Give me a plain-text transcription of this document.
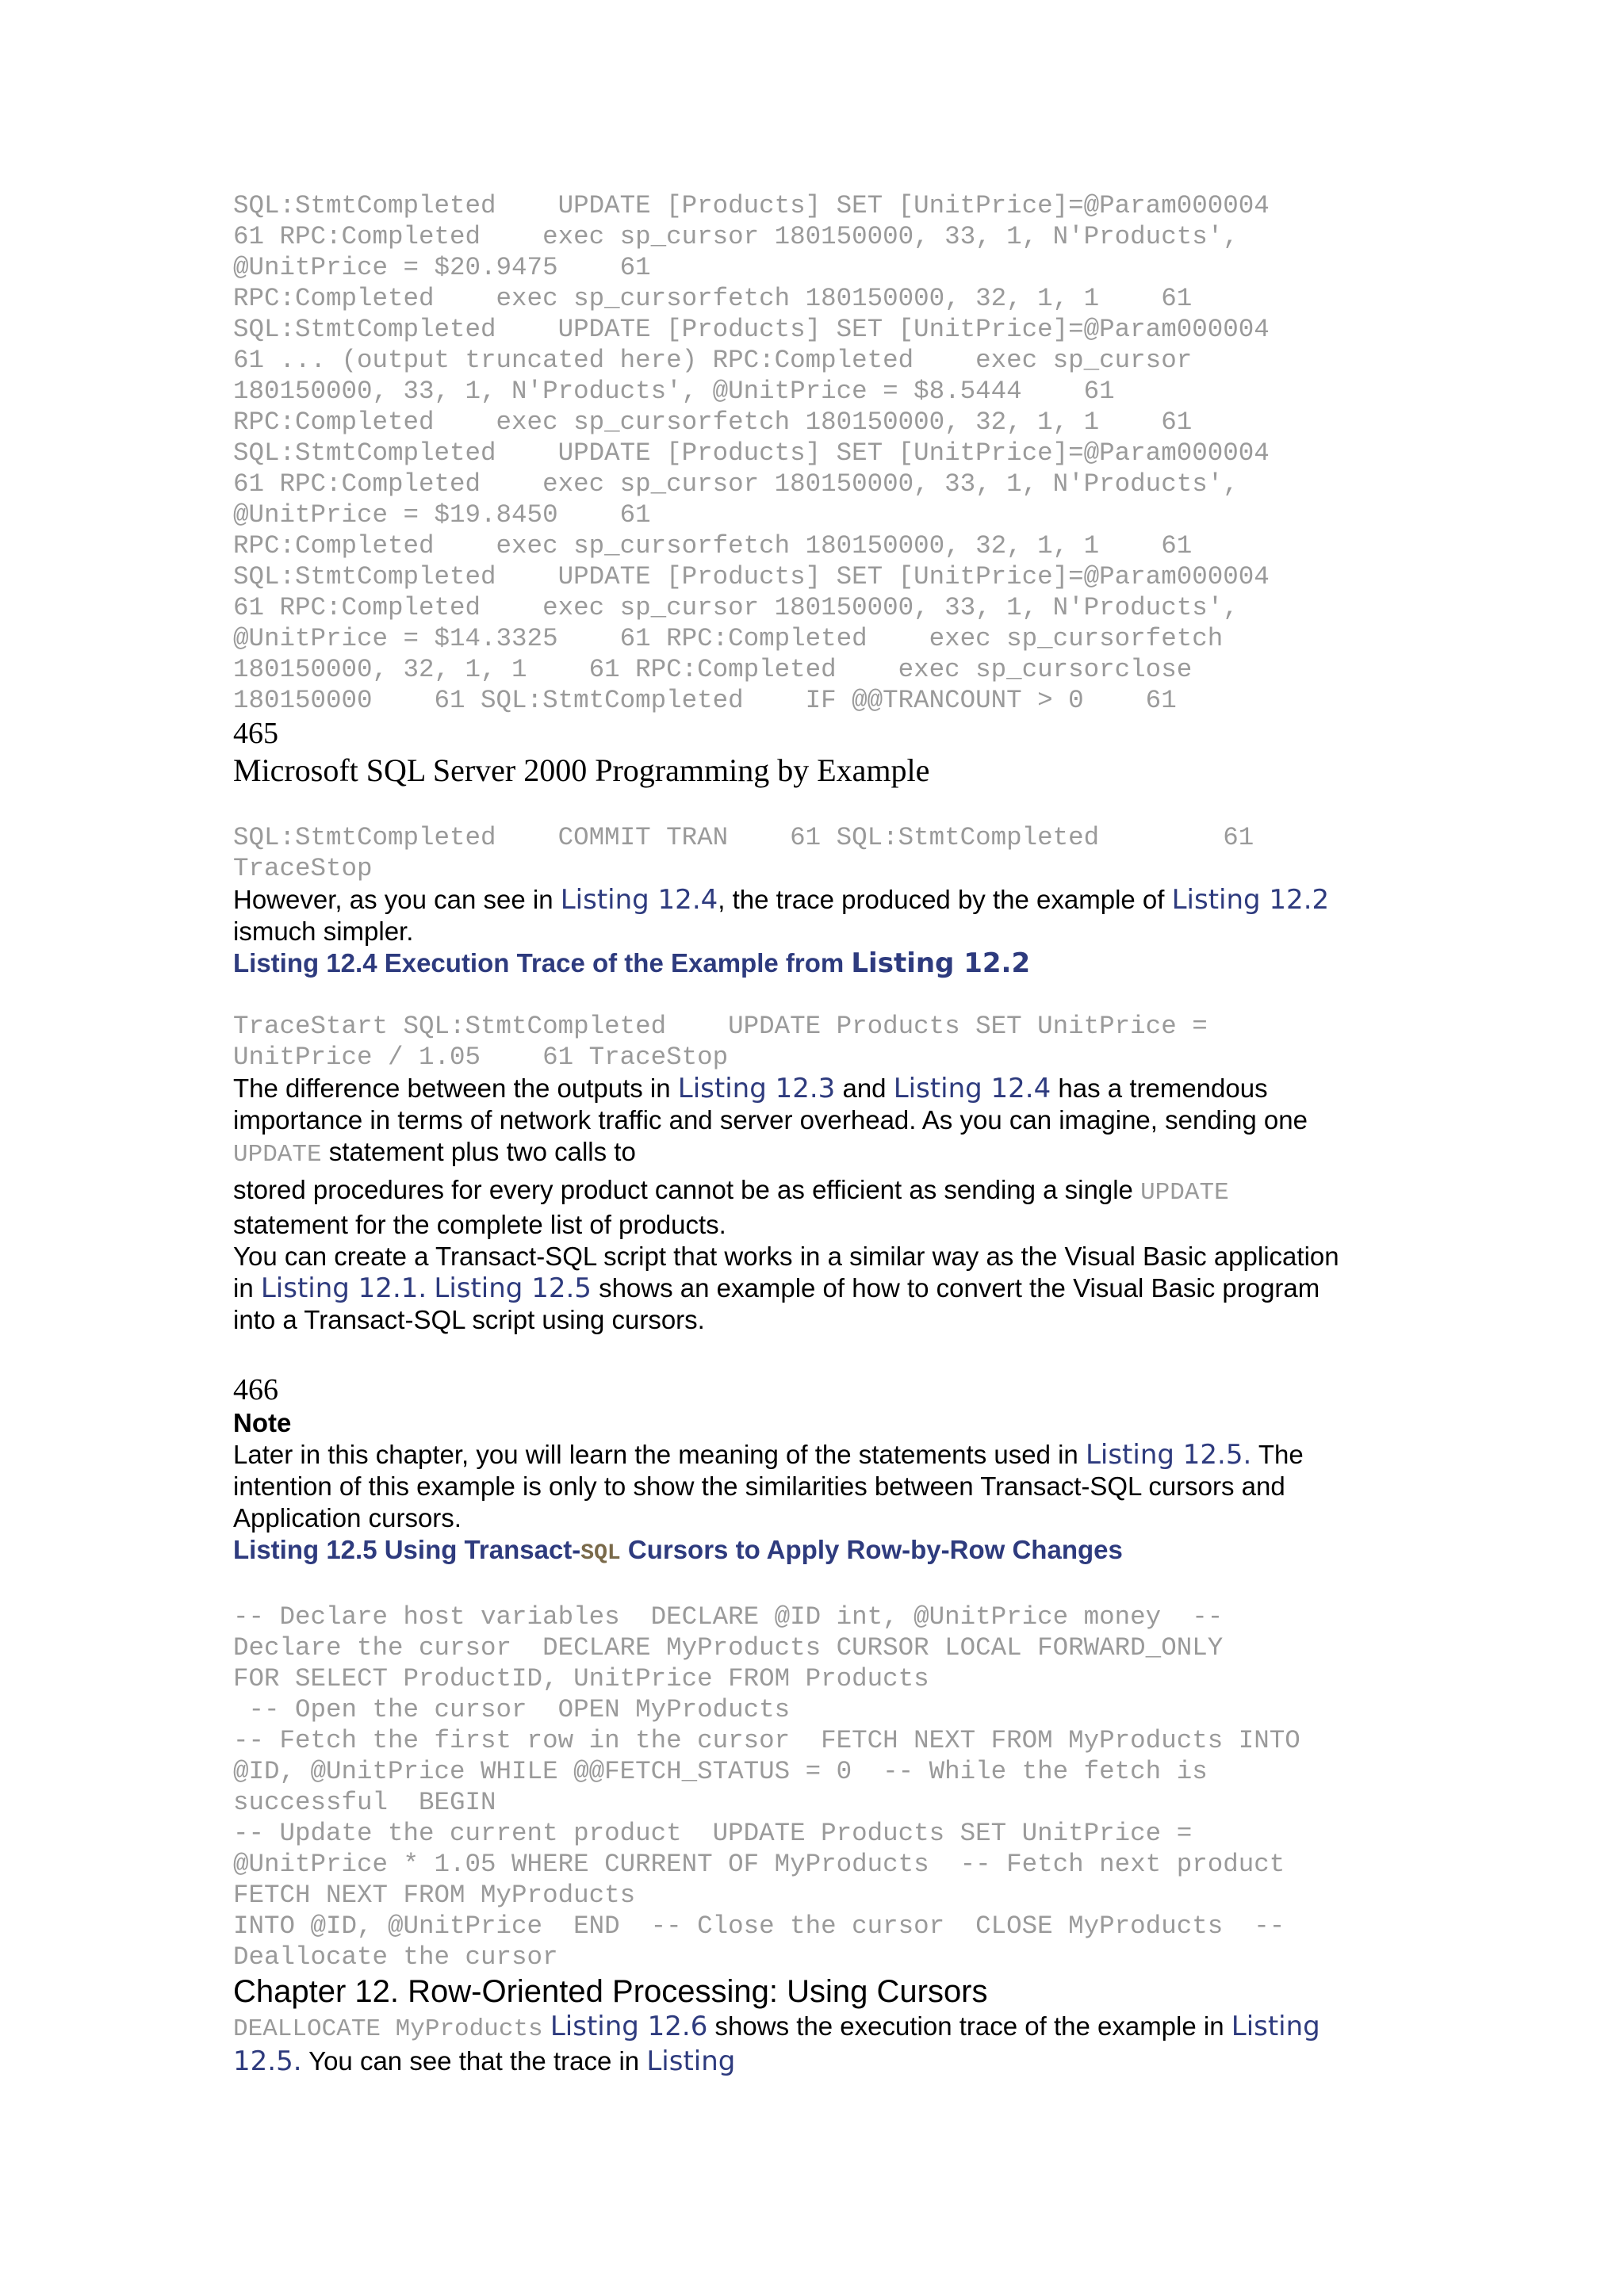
SQL:StmtCompleted    UPDATE [Products] SET [UnitPrice]=@Param000004
61 RPC:Completed    exec sp_cursor 180150000, 33, 1, N'Products',
@UnitPrice = $20.9475    61
RPC:Completed    exec sp_cursorfetch 180150000, 32, 1, 1    61
SQL:StmtCompleted    UPDATE [Products] SET [UnitPrice]=@Param000004
61 ... (output truncated here) RPC:Completed    exec sp_cursor
180150000, 33, 1, N'Products', @UnitPrice = $8.5444    61
RPC:Completed    exec sp_cursorfetch 180150000, 32, 1, 1    61
SQL:StmtCompleted    UPDATE [Products] SET [UnitPrice]=@Param000004
61 RPC:Completed    exec sp_cursor 180150000, 33, 1, N'Products',
@UnitPrice = $19.8450    61
RPC:Completed    exec sp_cursorfetch 180150000, 32, 1, 1    61
SQL:StmtCompleted    UPDATE [Products] SET [UnitPrice]=@Param000004
61 RPC:Completed    exec sp_cursor 180150000, 33, 1, N'Products',
@UnitPrice = $14.3325    61 RPC:Completed    exec sp_cursorfetch
180150000, 32, 1, 1    61 RPC:Completed    exec sp_cursorclose
180150000    61 SQL:StmtCompleted    IF @@TRANCOUNT > 0    61

465

Microsoft SQL Server 2000 Programming by Example

SQL:StmtCompleted    COMMIT TRAN    61 SQL:StmtCompleted        61
TraceStop

However, as you can see in Listing 12.4, the trace produced by the example of Listing 12.2
ismuch simpler.

Listing 12.4 Execution Trace of the Example from Listing 12.2

TraceStart SQL:StmtCompleted    UPDATE Products SET UnitPrice =
UnitPrice / 1.05    61 TraceStop

The difference between the outputs in Listing 12.3 and Listing 12.4 has a tremendous
importance in terms of network traffic and server overhead. As you can imagine, sending one
UPDATE statement plus two calls to

stored procedures for every product cannot be as efficient as sending a single UPDATE
statement for the complete list of products.

You can create a Transact-SQL script that works in a similar way as the Visual Basic application
in Listing 12.1. Listing 12.5 shows an example of how to convert the Visual Basic program
into a Transact-SQL script using cursors.

466

Note

Later in this chapter, you will learn the meaning of the statements used in Listing 12.5. The
intention of this example is only to show the similarities between Transact-SQL cursors and
Application cursors.

Listing 12.5 Using Transact-SQL Cursors to Apply Row-by-Row Changes

-- Declare host variables  DECLARE @ID int, @UnitPrice money  --
Declare the cursor  DECLARE MyProducts CURSOR LOCAL FORWARD_ONLY
FOR SELECT ProductID, UnitPrice FROM Products
-- Open the cursor  OPEN MyProducts
-- Fetch the first row in the cursor  FETCH NEXT FROM MyProducts INTO
@ID, @UnitPrice WHILE @@FETCH_STATUS = 0  -- While the fetch is
successful  BEGIN
-- Update the current product  UPDATE Products SET UnitPrice =
@UnitPrice * 1.05 WHERE CURRENT OF MyProducts  -- Fetch next product
FETCH NEXT FROM MyProducts
INTO @ID, @UnitPrice  END  -- Close the cursor  CLOSE MyProducts  --
Deallocate the cursor

Chapter 12. Row-Oriented Processing: Using Cursors

DEALLOCATE MyProducts Listing 12.6 shows the execution trace of the example in Listing
12.5. You can see that the trace in Listing
